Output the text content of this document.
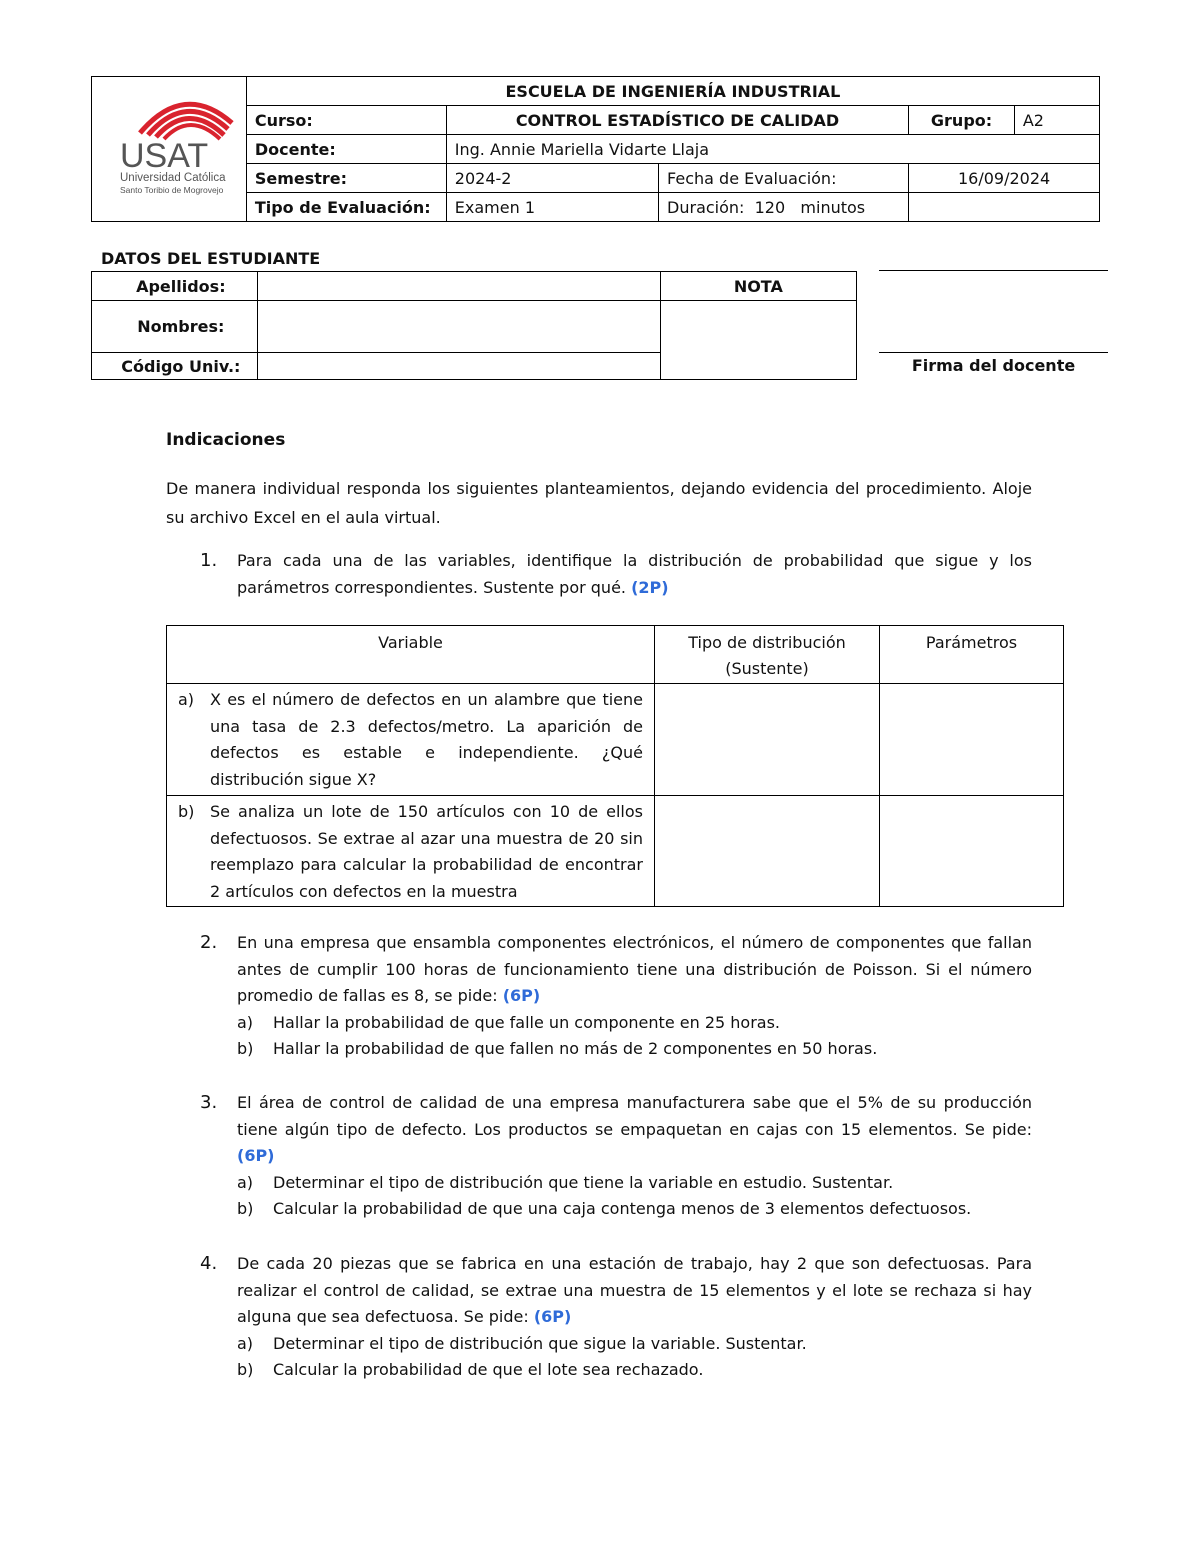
USAT
Universidad Católica
Santo Toribio de Mogrovejo	ESCUELA DE INGENIERÍA INDUSTRIAL				
	Curso:	CONTROL ESTADÍSTICO DE CALIDAD		Grupo:	A2
	Docente:	Ing. Annie Mariella Vidarte Llaja			
	Semestre:	2024-2	Fecha de Evaluación:	16/09/2024	
	Tipo de Evaluación:	Examen 1	Duración: 120 minutos		
DATOS DEL ESTUDIANTE
Apellidos:		NOTA
Nombres:		
Código Univ.:			Firma del docente
Indicaciones
De manera individual responda los siguientes planteamientos, dejando evidencia del procedimiento. Aloje su archivo Excel en el aula virtual.
1. Para cada una de las variables, identifique la distribución de probabilidad que sigue y los parámetros correspondientes. Sustente por qué. (2P)
Variable	Tipo de distribución (Sustente)	Parámetros

a) X es el número de defectos en un alambre que tiene una tasa de 2.3 defectos/metro. La aparición de defectos es estable e independiente. ¿Qué distribución sigue X?		

b) Se analiza un lote de 150 artículos con 10 de ellos defectuosos. Se extrae al azar una muestra de 20 sin reemplazo para calcular la probabilidad de encontrar 2 artículos con defectos en la muestra		

2. En una empresa que ensambla componentes electrónicos, el número de componentes que fallan antes de cumplir 100 horas de funcionamiento tiene una distribución de Poisson. Si el número promedio de fallas es 8, se pide: (6P)
a)	Hallar la probabilidad de que falle un componente en 25 horas.
b)	Hallar la probabilidad de que fallen no más de 2 componentes en 50 horas.
3. El área de control de calidad de una empresa manufacturera sabe que el 5% de su producción tiene algún tipo de defecto. Los productos se empaquetan en cajas con 15 elementos. Se pide: (6P)
a)	Determinar el tipo de distribución que tiene la variable en estudio. Sustentar.
b)	Calcular la probabilidad de que una caja contenga menos de 3 elementos defectuosos.
4. De cada 20 piezas que se fabrica en una estación de trabajo, hay 2 que son defectuosas. Para realizar el control de calidad, se extrae una muestra de 15 elementos y el lote se rechaza si hay alguna que sea defectuosa. Se pide: (6P)
a)	Determinar el tipo de distribución que sigue la variable. Sustentar.
b)	Calcular la probabilidad de que el lote sea rechazado.
